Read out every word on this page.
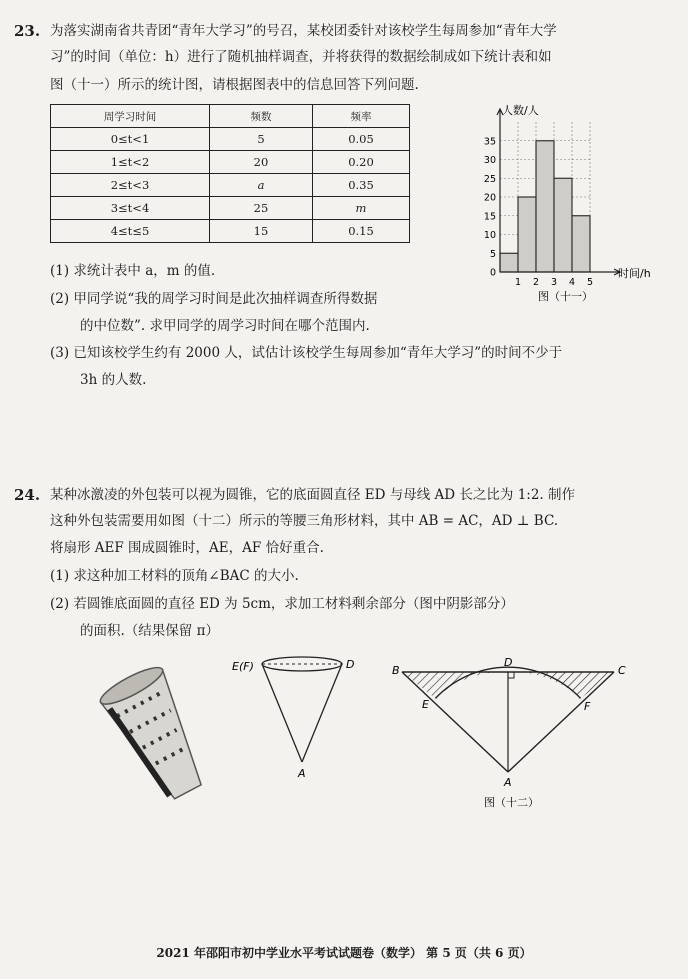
23. 为落实湖南省共青团“青年大学习”的号召，某校团委针对该校学生每周参加“青年大学
习”的时间（单位：h）进行了随机抽样调查，并将获得的数据绘制成如下统计表和如
图（十一）所示的统计图，请根据图表中的信息回答下列问题.
周学习时间	频数	频率
0≤t<1	5	0.05
1≤t<2	20	0.20
2≤t<3	a	0.35
3≤t<4	25	m
4≤t≤5	15	0.15
0
5
10
15
20
25
30
35
1 2 3 4 5
人数/人
时间/h
图（十一）
(1) 求统计表中 a，m 的值.
(2) 甲同学说“我的周学习时间是此次抽样调查所得数据
的中位数”. 求甲同学的周学习时间在哪个范围内.
(3) 已知该校学生约有 2000 人，试估计该校学生每周参加“青年大学习”的时间不少于
3h 的人数.
24. 某种冰激凌的外包装可以视为圆锥，它的底面圆直径 ED 与母线 AD 长之比为 1:2. 制作
这种外包装需要用如图（十二）所示的等腰三角形材料，其中 AB = AC，AD ⊥ BC.
将扇形 AEF 围成圆锥时，AE，AF 恰好重合.
(1) 求这种加工材料的顶角∠BAC 的大小.
(2) 若圆锥底面圆的直径 ED 为 5cm，求加工材料剩余部分（图中阴影部分）
的面积.（结果保留 π）
E(F)	D
A
B	C
D
E	F
A
图（十二）
2021 年邵阳市初中学业水平考试试题卷（数学） 第 5 页（共 6 页）
